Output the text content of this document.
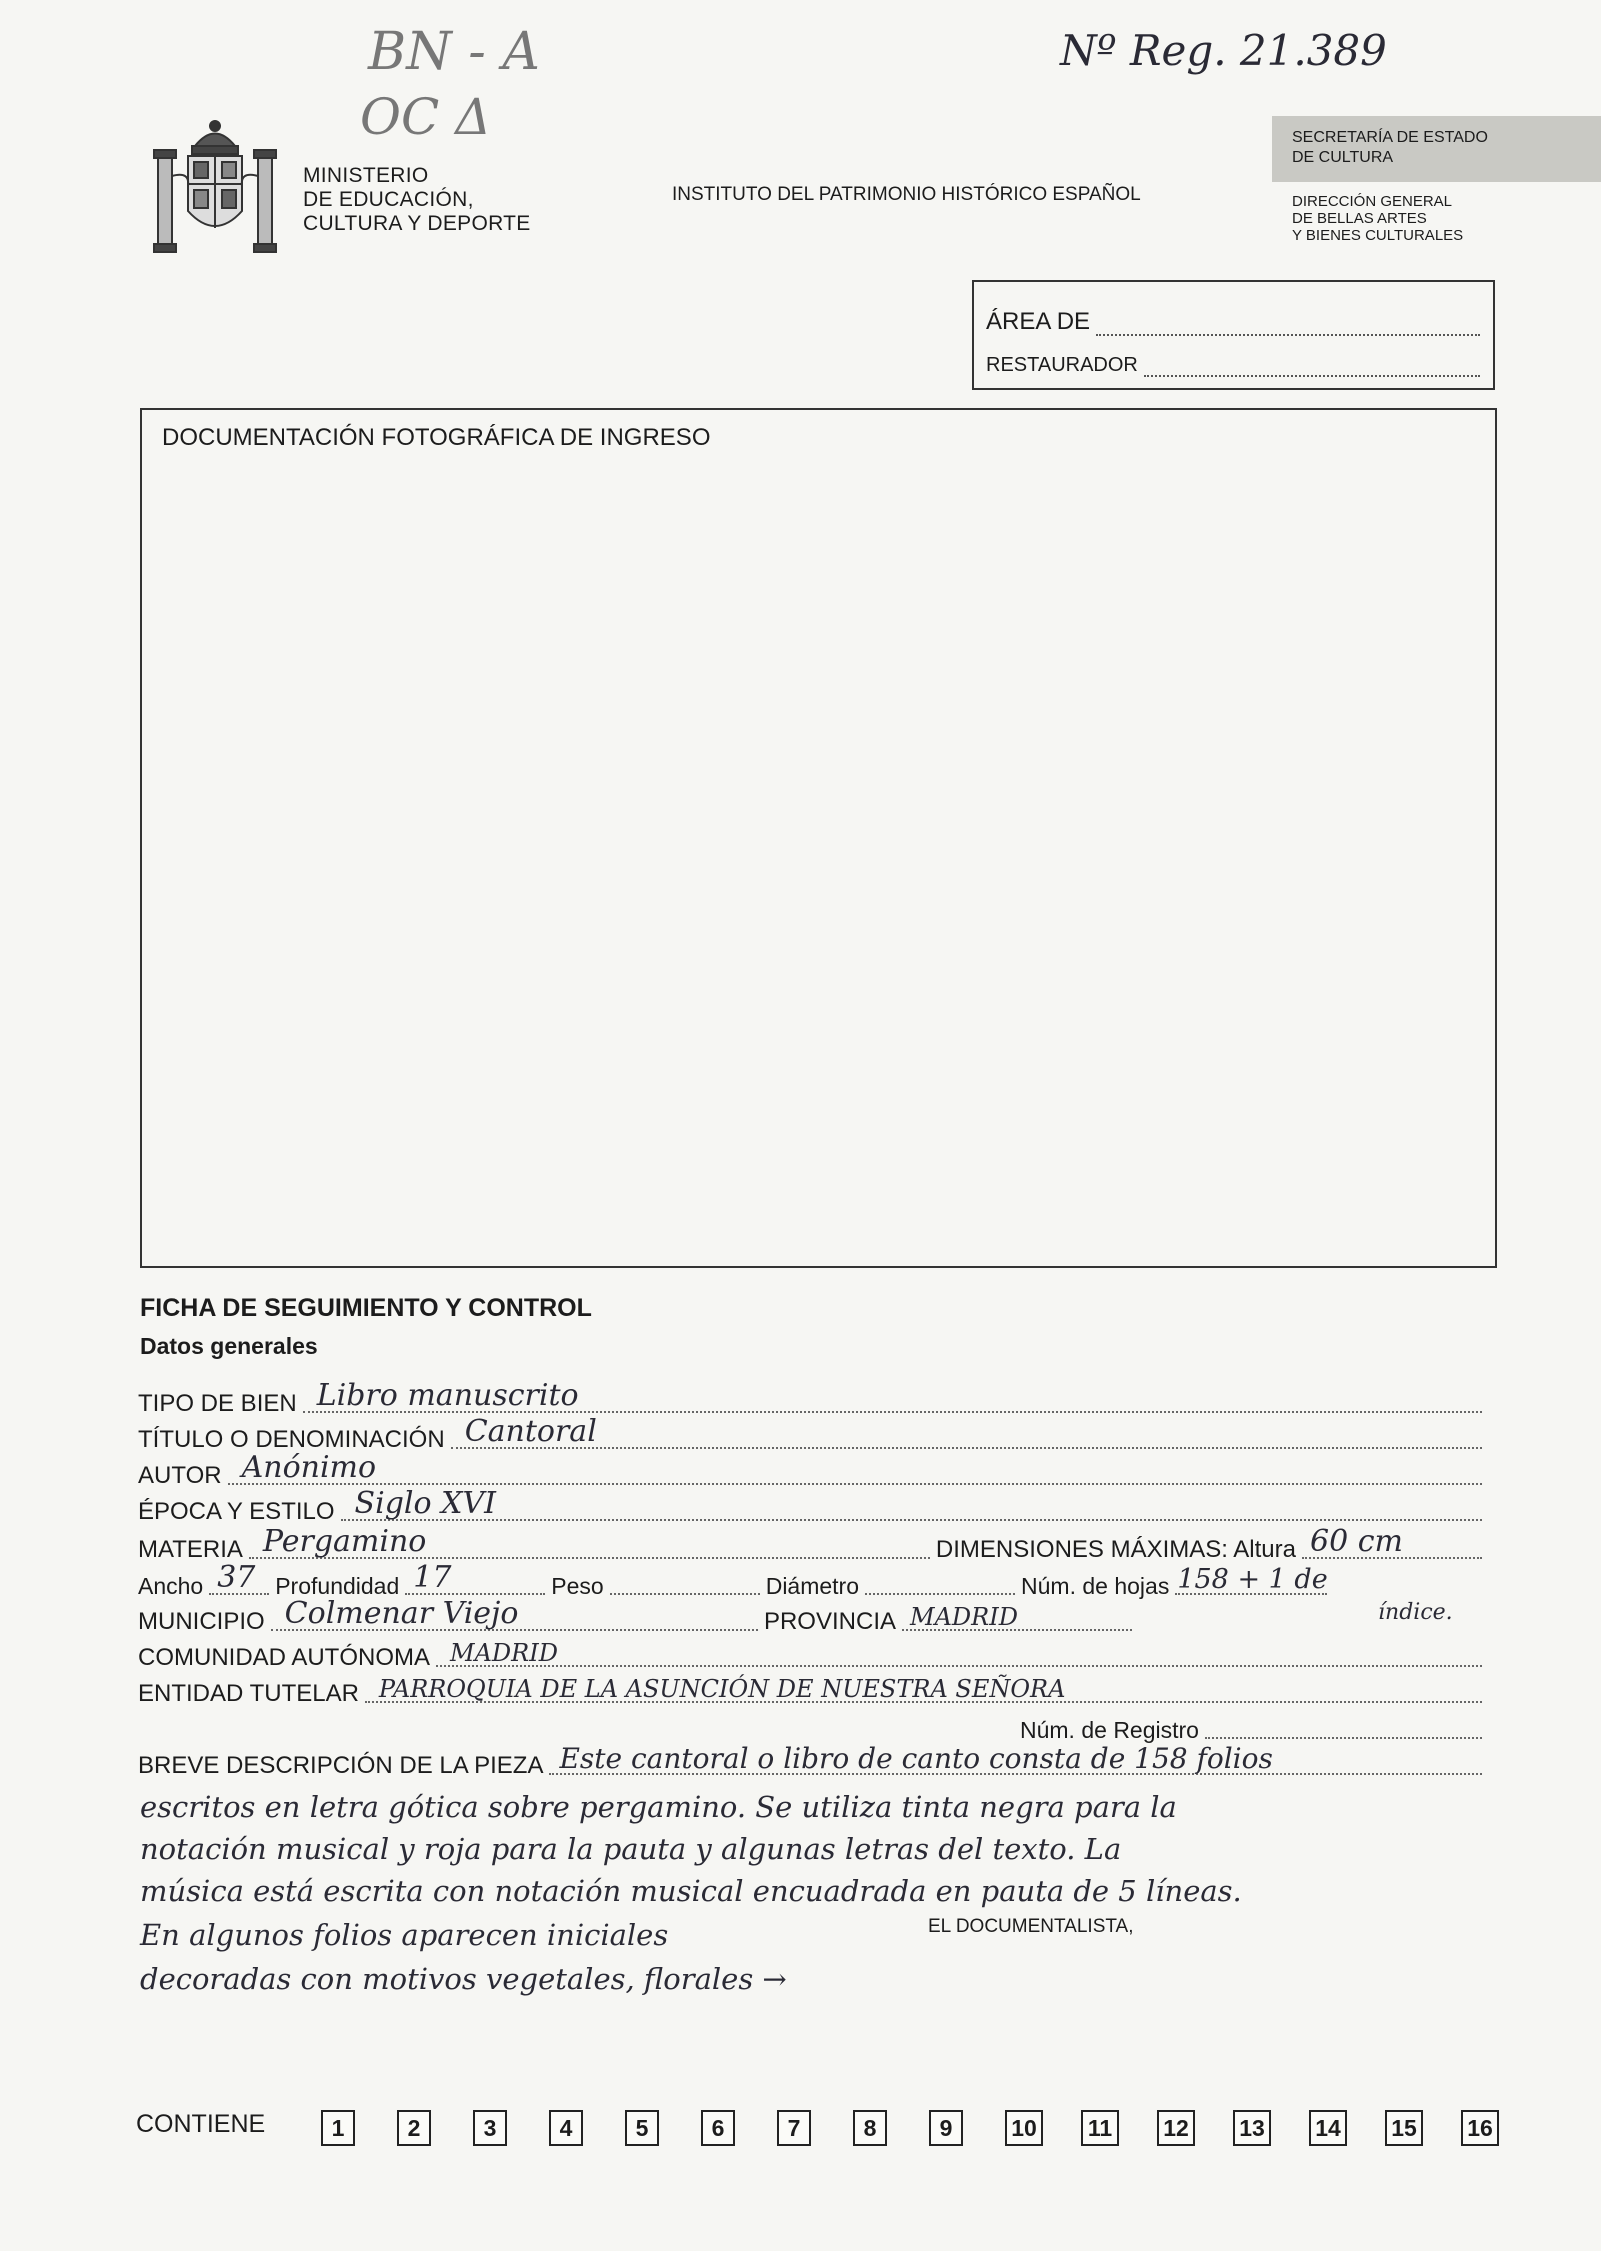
BN - A
OC Δ
Nº Reg. 21.389
MINISTERIO
DE EDUCACIÓN,
CULTURA Y DEPORTE
INSTITUTO DEL PATRIMONIO HISTÓRICO ESPAÑOL
SECRETARÍA DE ESTADO
DE CULTURA
DIRECCIÓN GENERAL
DE BELLAS ARTES
Y BIENES CULTURALES
ÁREA DE
RESTAURADOR
DOCUMENTACIÓN FOTOGRÁFICA DE INGRESO
FICHA DE SEGUIMIENTO Y CONTROL
Datos generales
TIPO DE BIEN Libro manuscrito
TÍTULO O DENOMINACIÓN Cantoral
AUTOR Anónimo
ÉPOCA Y ESTILO Siglo XVI
MATERIA Pergamino	DIMENSIONES MÁXIMAS: Altura 60 cm
Ancho 37 Profundidad 17	Peso	Diámetro	Núm. de hojas 158 + 1 de
índice.
MUNICIPIO Colmenar Viejo	PROVINCIA MADRID
COMUNIDAD AUTÓNOMA MADRID
ENTIDAD TUTELAR PARROQUIA DE LA ASUNCIÓN DE NUESTRA SEÑORA
Núm. de Registro
BREVE DESCRIPCIÓN DE LA PIEZA Este cantoral o libro de canto consta de 158 folios
escritos en letra gótica sobre pergamino. Se utiliza tinta negra para la
notación musical y roja para la pauta y algunas letras del texto. La
música está escrita con notación musical encuadrada en pauta de 5 líneas.
En algunos folios aparecen iniciales	EL DOCUMENTALISTA,
decoradas con motivos vegetales, florales →
CONTIENE	1	2	3	4	5	6	7	8	9	10 11 12 13 14 15 16
